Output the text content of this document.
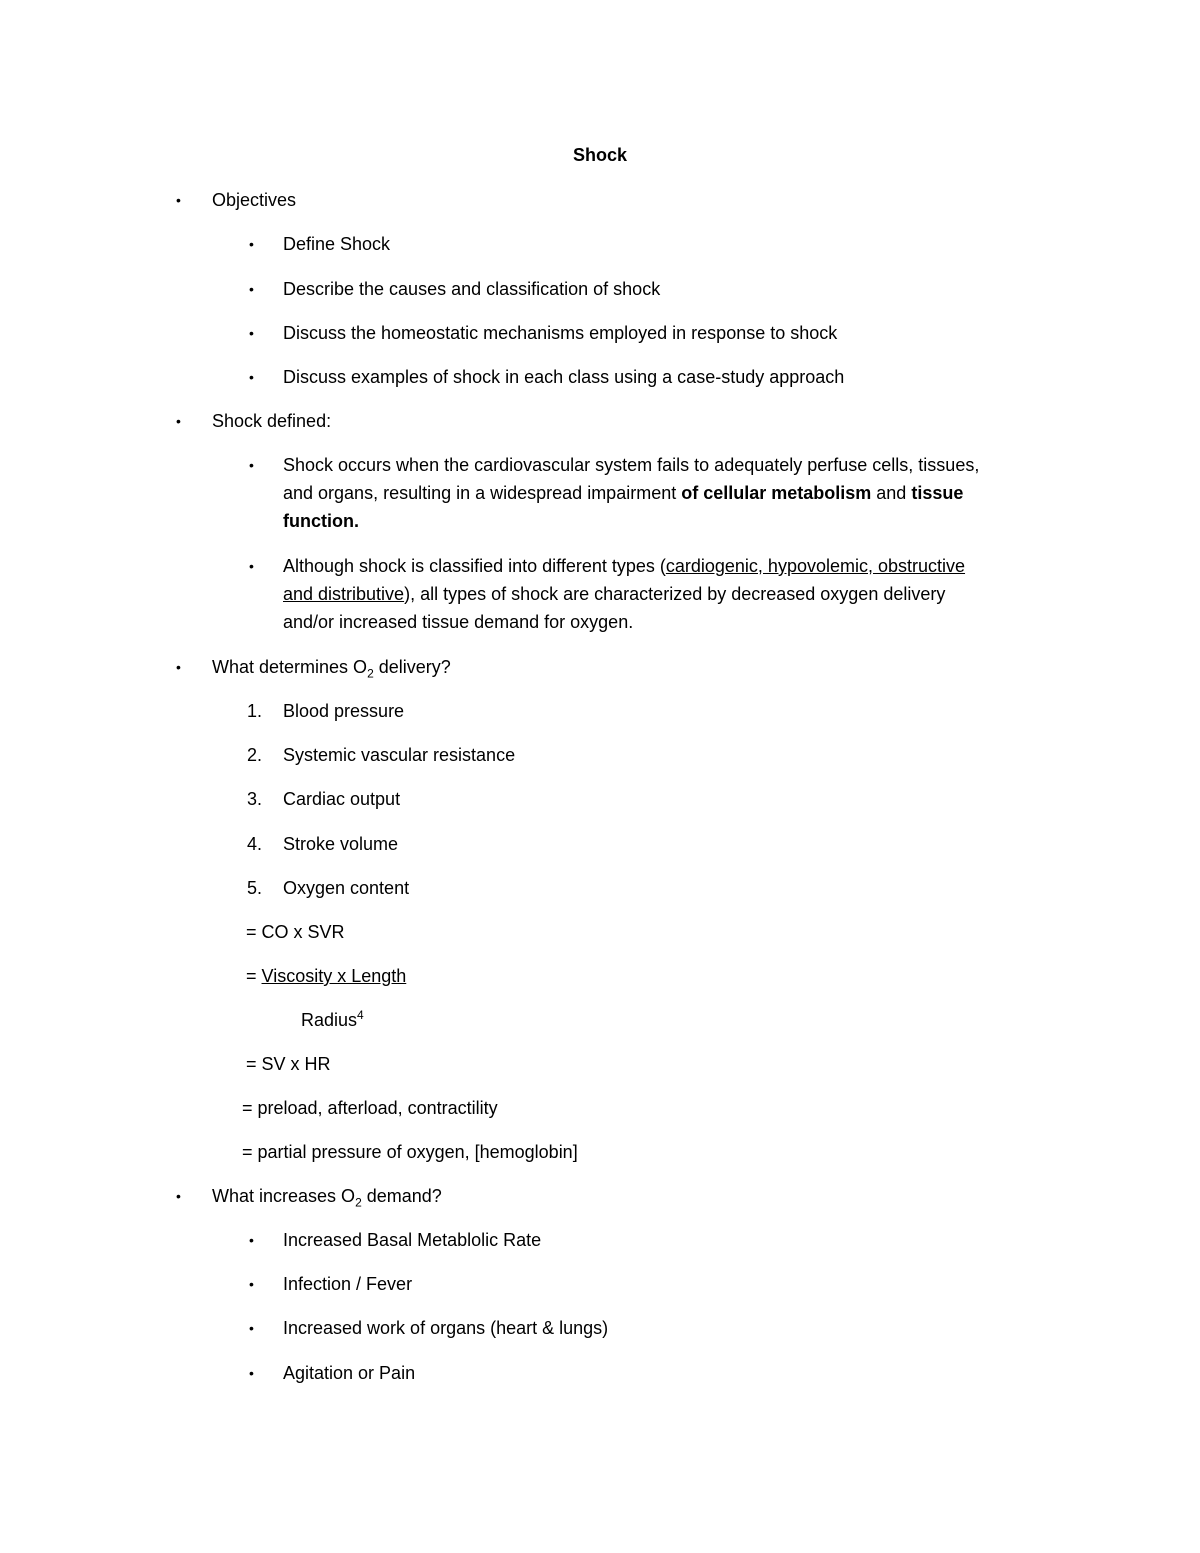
Shock
• Objectives
• Define Shock
• Describe the causes and classification of shock
• Discuss the homeostatic mechanisms employed in response to shock
• Discuss examples of shock in each class using a case-study approach
• Shock defined:
• Shock occurs when the cardiovascular system fails to adequately perfuse cells, tissues,
and organs, resulting in a widespread impairment of cellular metabolism and tissue
function.
• Although shock is classified into different types (cardiogenic, hypovolemic, obstructive
and distributive), all types of shock are characterized by decreased oxygen delivery
and/or increased tissue demand for oxygen.
• What determines $O_2$ delivery?
1. Blood pressure
2. Systemic vascular resistance
3. Cardiac output
4. Stroke volume
5. Oxygen content
= CO x SVR
= Viscosity x Length
Radius$^4$
= SV x HR
= preload, afterload, contractility
= partial pressure of oxygen, [hemoglobin]
• What increases $O_2$ demand?
• Increased Basal Metablolic Rate
• Infection / Fever
• Increased work of organs (heart & lungs)
• Agitation or Pain
